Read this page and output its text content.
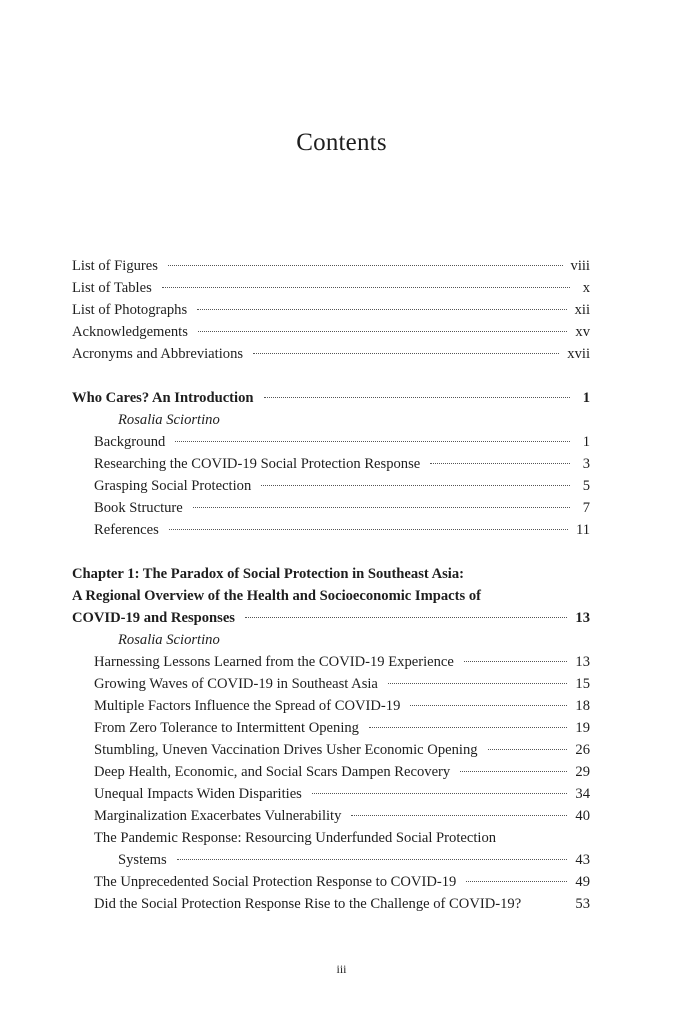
Contents
List of Figures	viii
List of Tables	x
List of Photographs	xii
Acknowledgements	xv
Acronyms and Abbreviations	xvii
Who Cares? An Introduction	1
Rosalia Sciortino
Background	1
Researching the COVID-19 Social Protection Response	3
Grasping Social Protection	5
Book Structure	7
References	11
Chapter 1: The Paradox of Social Protection in Southeast Asia:
A Regional Overview of the Health and Socioeconomic Impacts of
COVID-19 and Responses	13
Rosalia Sciortino
Harnessing Lessons Learned from the COVID-19 Experience	13
Growing Waves of COVID-19 in Southeast Asia	15
Multiple Factors Influence the Spread of COVID-19	18
From Zero Tolerance to Intermittent Opening	19
Stumbling, Uneven Vaccination Drives Usher Economic Opening	26
Deep Health, Economic, and Social Scars Dampen Recovery	29
Unequal Impacts Widen Disparities	34
Marginalization Exacerbates Vulnerability	40
The Pandemic Response: Resourcing Underfunded Social Protection
Systems	43
The Unprecedented Social Protection Response to COVID-19	49
Did the Social Protection Response Rise to the Challenge of COVID-19?	53
iii
